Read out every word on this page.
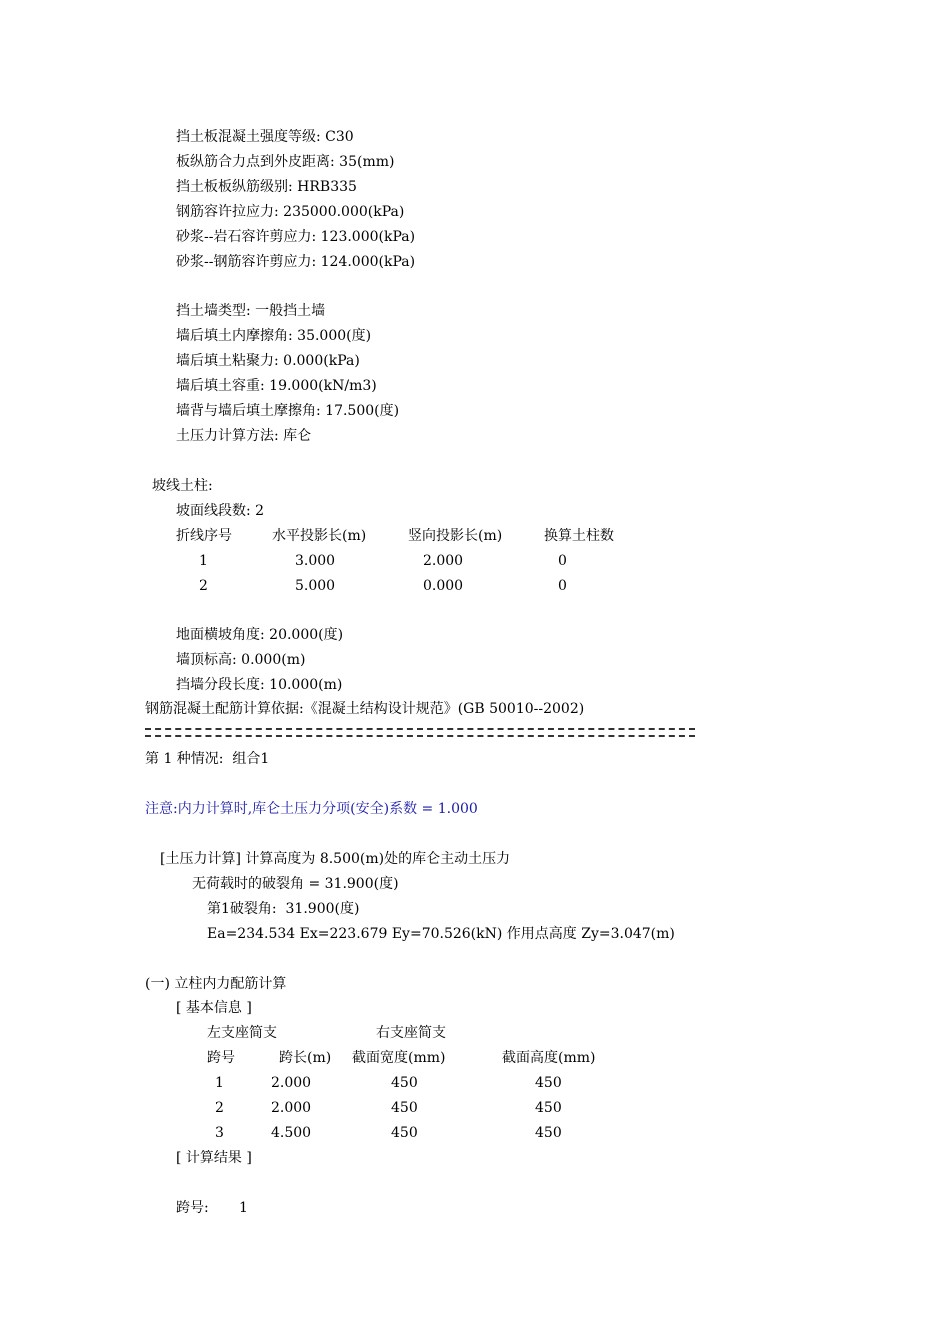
挡土板混凝土强度等级: C30
板纵筋合力点到外皮距离: 35(mm)
挡土板板纵筋级别: HRB335
钢筋容许拉应力: 235000.000(kPa)
砂浆--岩石容许剪应力: 123.000(kPa)
砂浆--钢筋容许剪应力: 124.000(kPa)
挡土墙类型: 一般挡土墙
墙后填土内摩擦角: 35.000(度)
墙后填土粘聚力: 0.000(kPa)
墙后填土容重: 19.000(kN/m3)
墙背与墙后填土摩擦角: 17.500(度)
土压力计算方法: 库仑
坡线土柱:
坡面线段数: 2
折线序号	水平投影长(m)	竖向投影长(m)	换算土柱数
1	3.000	2.000	0
2	5.000	0.000	0
地面横坡角度: 20.000(度)
墙顶标高: 0.000(m)
挡墙分段长度: 10.000(m)
钢筋混凝土配筋计算依据:《混凝土结构设计规范》(GB 50010--2002)
第 1 种情况:  组合1
注意:内力计算时,库仑土压力分项(安全)系数 = 1.000
[土压力计算] 计算高度为 8.500(m)处的库仑主动土压力
无荷载时的破裂角 = 31.900(度)
第1破裂角:  31.900(度)
Ea=234.534 Ex=223.679 Ey=70.526(kN) 作用点高度 Zy=3.047(m)
(一) 立柱内力配筋计算
[ 基本信息 ]
左支座简支	右支座简支
跨号	跨长(m) 截面宽度(mm)	截面高度(mm)
1	2.000	450	450
2	2.000	450	450
3	4.500	450	450
[ 计算结果 ]
跨号: 1
